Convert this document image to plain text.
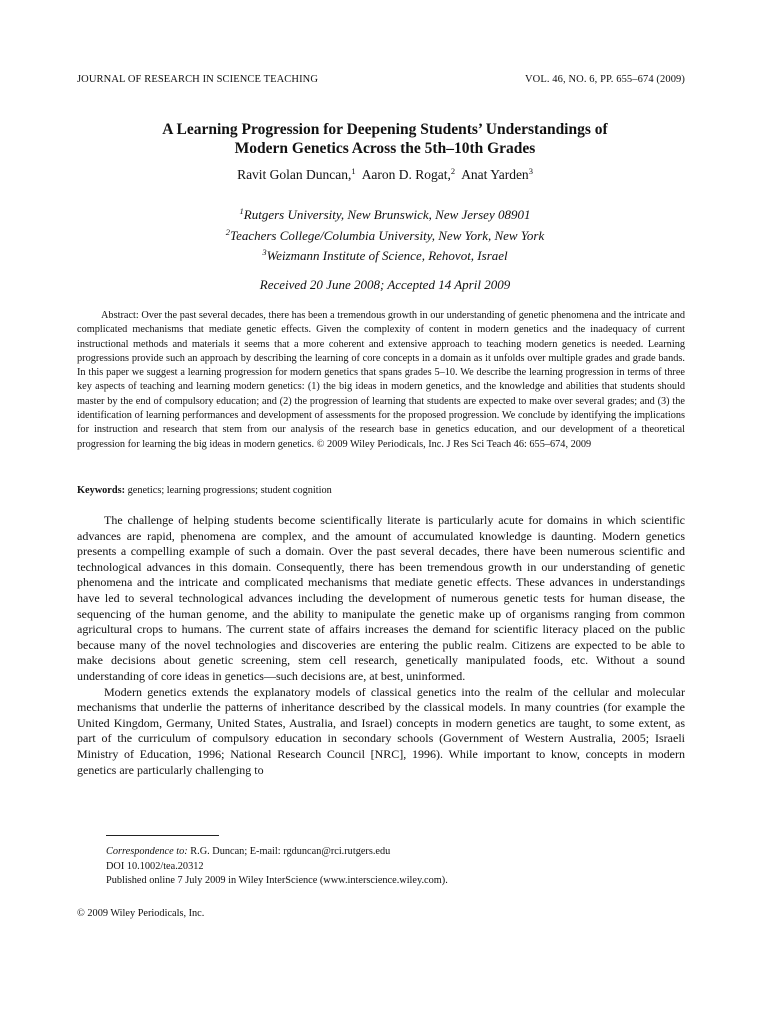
JOURNAL OF RESEARCH IN SCIENCE TEACHING	VOL. 46, NO. 6, PP. 655–674 (2009)
A Learning Progression for Deepening Students’ Understandings of
Modern Genetics Across the 5th–10th Grades
Ravit Golan Duncan,$^1$ Aaron D. Rogat,$^2$ Anat Yarden$^3$
$^1$Rutgers University, New Brunswick, New Jersey 08901
$^2$Teachers College/Columbia University, New York, New York
$^3$Weizmann Institute of Science, Rehovot, Israel
Received 20 June 2008; Accepted 14 April 2009
Abstract: Over the past several decades, there has been a tremendous growth in our understanding of genetic phenomena and the intricate and complicated mechanisms that mediate genetic effects. Given the complexity of content in modern genetics and the inadequacy of current instructional methods and materials it seems that a more coherent and extensive approach to teaching modern genetics is needed. Learning progressions provide such an approach by describing the learning of core concepts in a domain as it unfolds over multiple grades and grade bands. In this paper we suggest a learning progression for modern genetics that spans grades 5–10. We describe the learning progression in terms of three key aspects of teaching and learning modern genetics: (1) the big ideas in modern genetics, and the knowledge and abilities that students should master by the end of compulsory education; and (2) the progression of learning that students are expected to make over several grades; and (3) the identification of learning performances and development of assessments for the proposed progression. We conclude by identifying the implications for instruction and research that stem from our analysis of the research base in genetics education, and our development of a theoretical progression for learning the big ideas in modern genetics. © 2009 Wiley Periodicals, Inc. J Res Sci Teach 46: 655–674, 2009
Keywords: genetics; learning progressions; student cognition

The challenge of helping students become scientifically literate is particularly acute for domains in which scientific advances are rapid, phenomena are complex, and the amount of accumulated knowledge is daunting. Modern genetics presents a compelling example of such a domain. Over the past several decades, there have been numerous scientific and technological advances in this domain. Consequently, there has been tremendous growth in our understanding of genetic phenomena and the intricate and complicated mechanisms that mediate genetic effects. These advances in understandings have led to several technological advances including the development of numerous genetic tests for human disease, the sequencing of the human genome, and the ability to manipulate the genetic make up of organisms ranging from common agricultural crops to humans. The current state of affairs increases the demand for scientific literacy placed on the public because many of the novel technologies and discoveries are entering the public realm. Citizens are expected to be able to make decisions about genetic screening, stem cell research, genetically manipulated foods, etc. Without a sound understanding of core ideas in genetics—such decisions are, at best, uninformed.

Modern genetics extends the explanatory models of classical genetics into the realm of the cellular and molecular mechanisms that underlie the patterns of inheritance described by the classical models. In many countries (for example the United Kingdom, Germany, United States, Australia, and Israel) concepts in modern genetics are taught, to some extent, as part of the curriculum of compulsory education in secondary schools (Government of Western Australia, 2005; Israeli Ministry of Education, 1996; National Research Council [NRC], 1996). While important to know, concepts in modern genetics are particularly challenging to

Correspondence to: R.G. Duncan; E-mail: rgduncan@rci.rutgers.edu
DOI 10.1002/tea.20312
Published online 7 July 2009 in Wiley InterScience (www.interscience.wiley.com).
© 2009 Wiley Periodicals, Inc.
